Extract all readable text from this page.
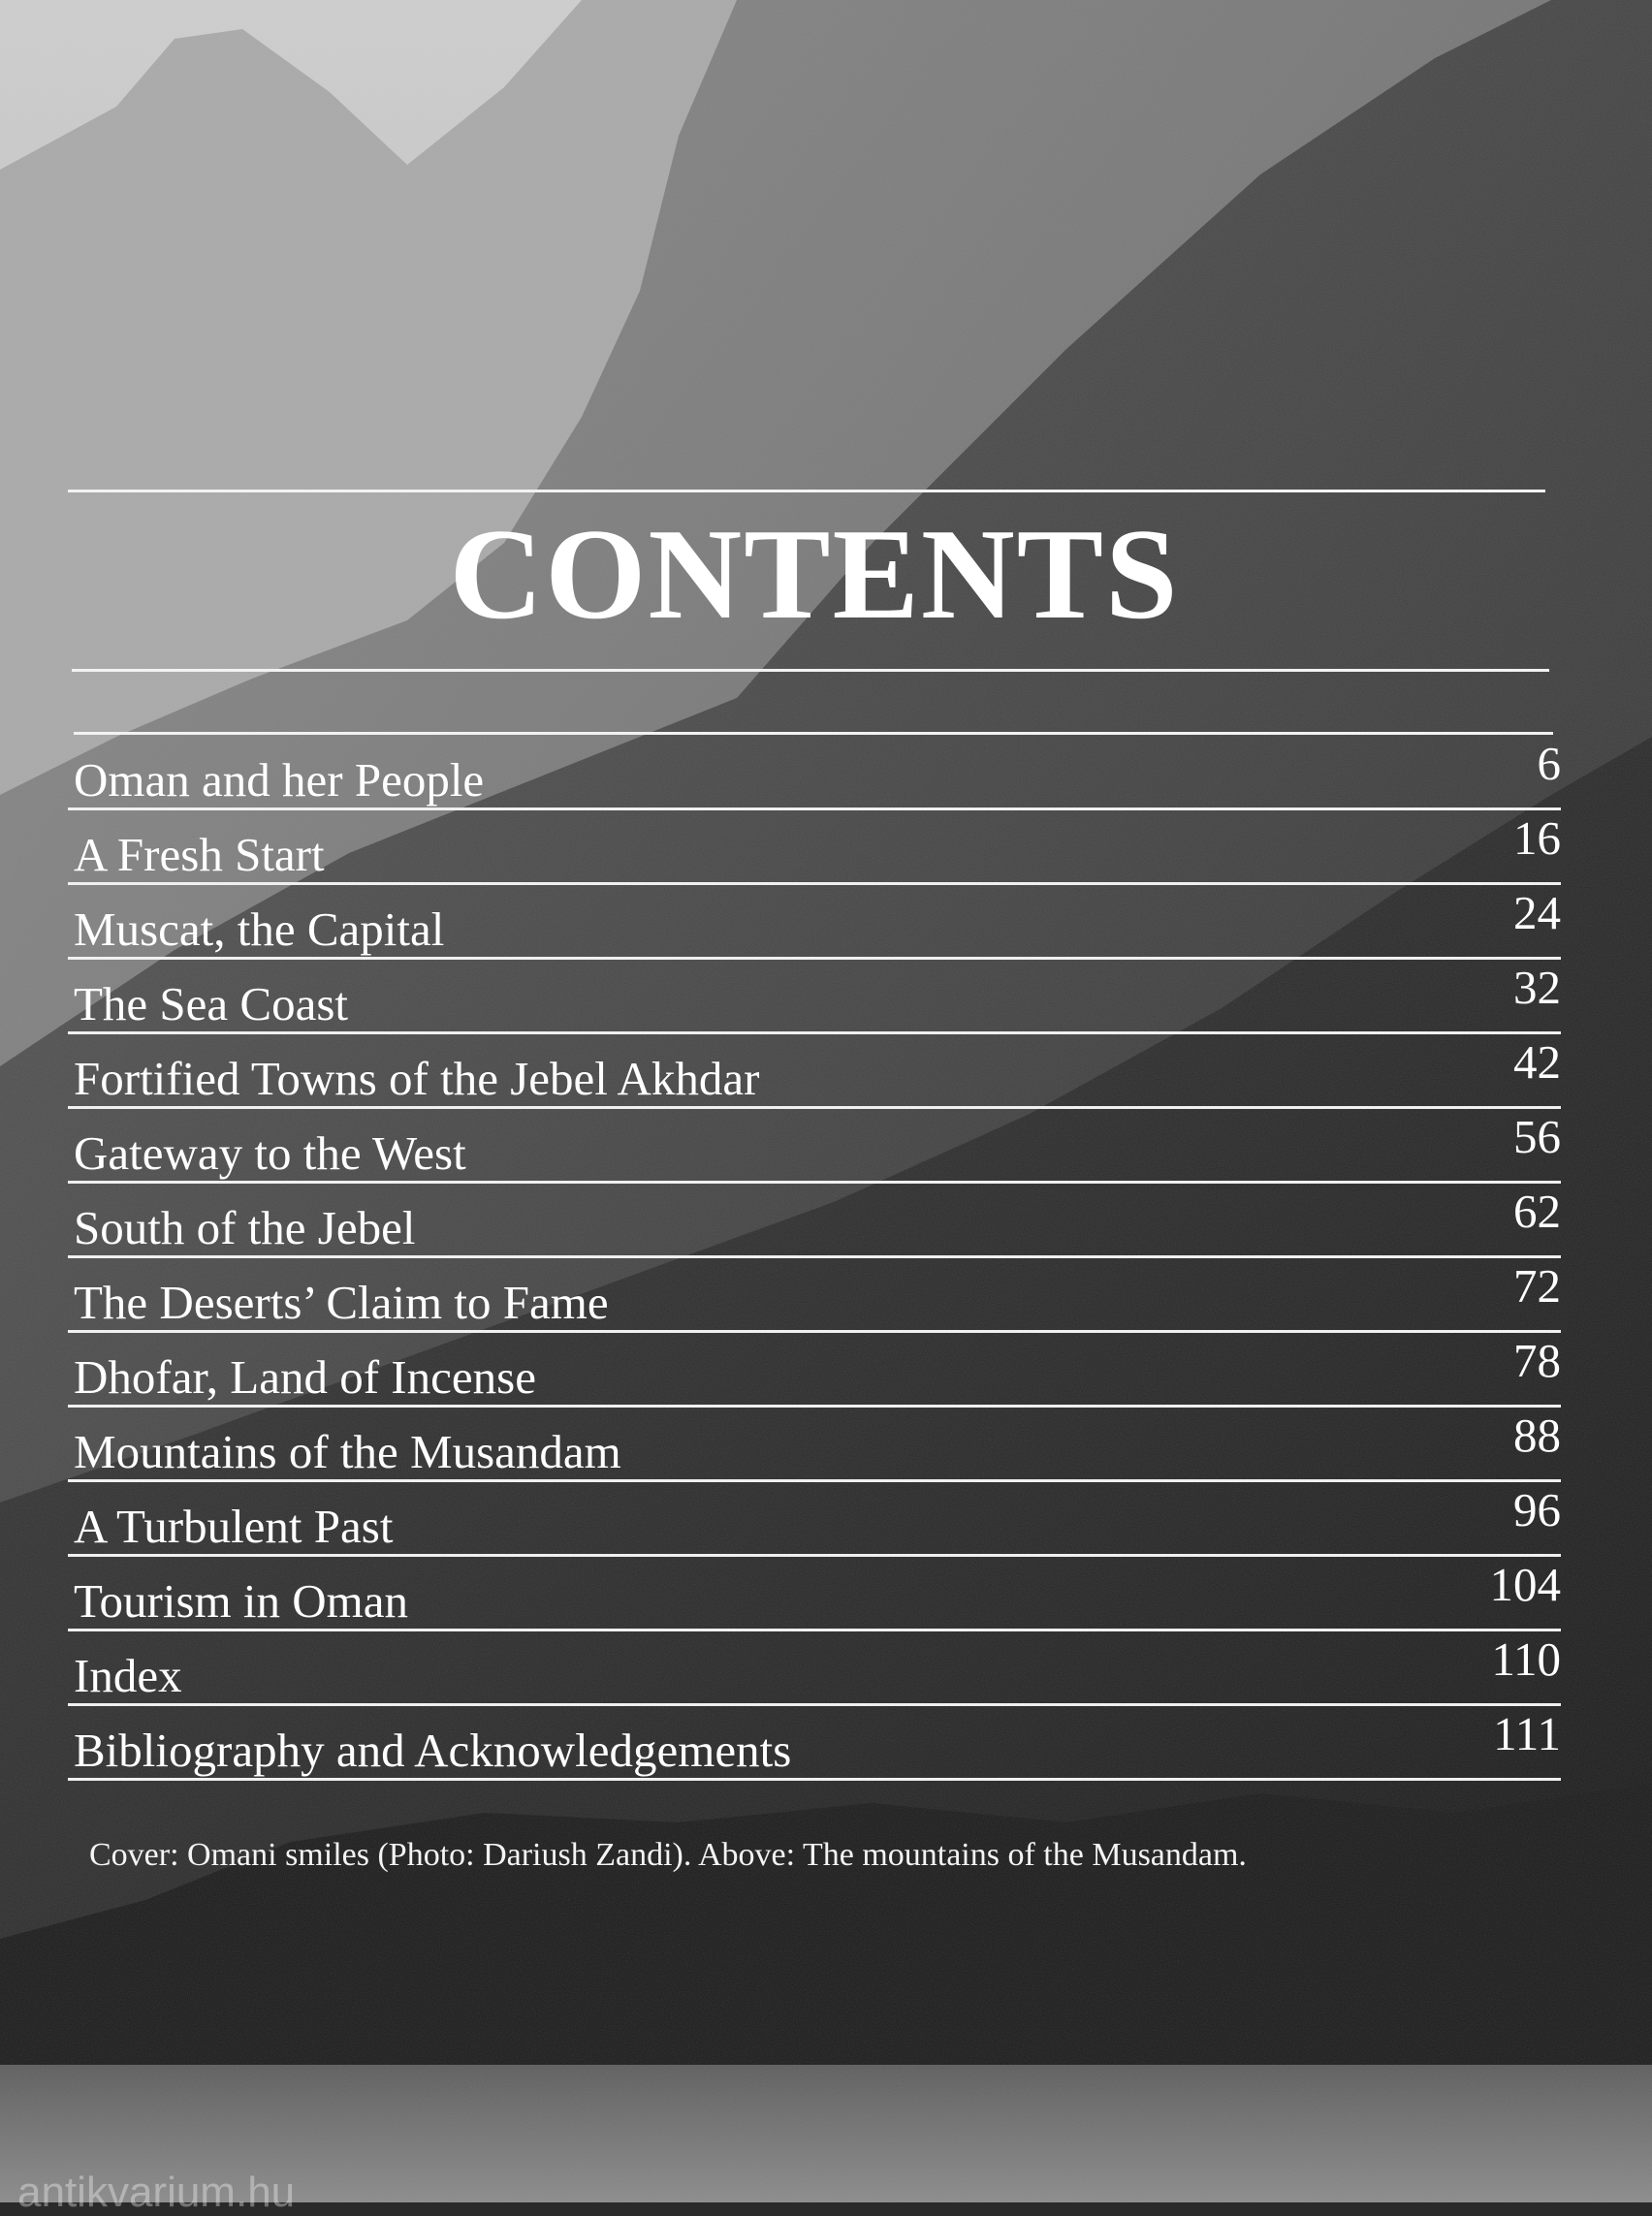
CONTENTS
Oman and her People	6
A Fresh Start	16
Muscat, the Capital	24
The Sea Coast	32
Fortified Towns of the Jebel Akhdar	42
Gateway to the West	56
South of the Jebel	62
The Deserts’ Claim to Fame	72
Dhofar, Land of Incense	78
Mountains of the Musandam	88
A Turbulent Past	96
Tourism in Oman	104
Index	110
Bibliography and Acknowledgements	111
Cover: Omani smiles (Photo: Dariush Zandi). Above: The mountains of the Musandam.
antikvarium.hu
